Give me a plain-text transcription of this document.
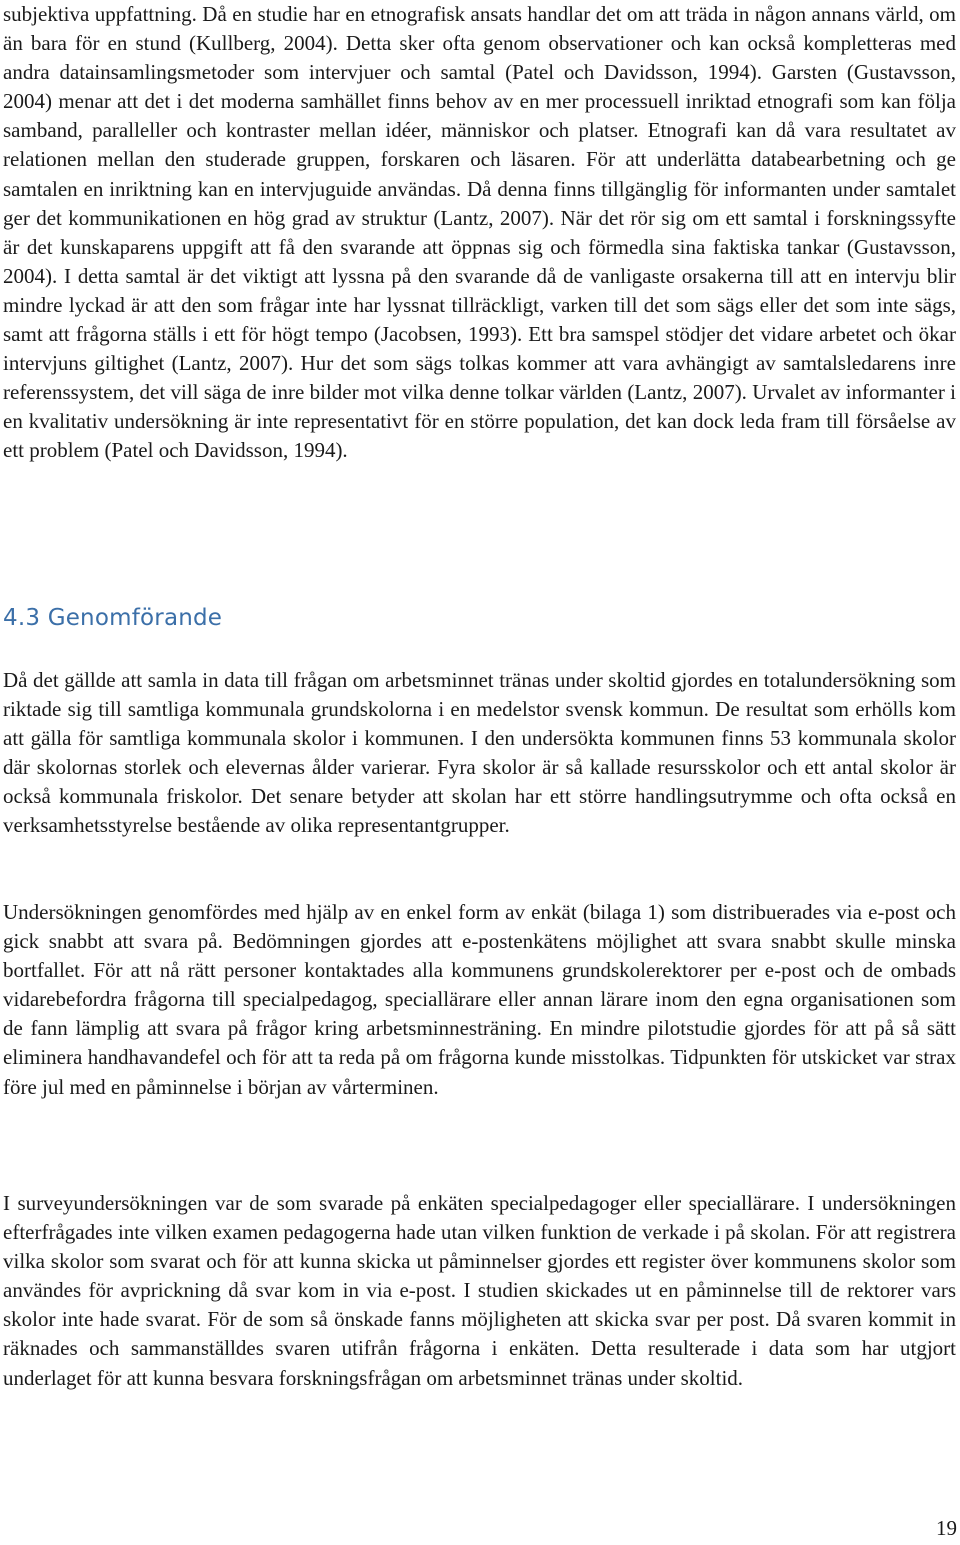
subjektiva uppfattning. Då en studie har en etnografisk ansats handlar det om att träda in någon annans värld, om än bara för en stund (Kullberg, 2004). Detta sker ofta genom observationer och kan också kompletteras med andra datainsamlingsmetoder som intervjuer och samtal (Patel och Davidsson, 1994). Garsten (Gustavsson, 2004) menar att det i det moderna samhället finns behov av en mer processuell inriktad etnografi som kan följa samband, paralleller och kontraster mellan idéer, människor och platser. Etnografi kan då vara resultatet av relationen mellan den studerade gruppen, forskaren och läsaren. För att underlätta databearbetning och ge samtalen en inriktning kan en intervjuguide användas. Då denna finns tillgänglig för informanten under samtalet ger det kommunikationen en hög grad av struktur (Lantz, 2007). När det rör sig om ett samtal i forskningssyfte är det kunskaparens uppgift att få den svarande att öppnas sig och förmedla sina faktiska tankar (Gustavsson, 2004). I detta samtal är det viktigt att lyssna på den svarande då de vanligaste orsakerna till att en intervju blir mindre lyckad är att den som frågar inte har lyssnat tillräckligt, varken till det som sägs eller det som inte sägs, samt att frågorna ställs i ett för högt tempo (Jacobsen, 1993). Ett bra samspel stödjer det vidare arbetet och ökar intervjuns giltighet (Lantz, 2007). Hur det som sägs tolkas kommer att vara avhängigt av samtalsledarens inre referenssystem, det vill säga de inre bilder mot vilka denne tolkar världen (Lantz, 2007). Urvalet av informanter i en kvalitativ undersökning är inte representativt för en större population, det kan dock leda fram till försåelse av ett problem (Patel och Davidsson, 1994).

4.3 Genomförande

Då det gällde att samla in data till frågan om arbetsminnet tränas under skoltid gjordes en totalundersökning som riktade sig till samtliga kommunala grundskolorna i en medelstor svensk kommun. De resultat som erhölls kom att gälla för samtliga kommunala skolor i kommunen. I den undersökta kommunen finns 53 kommunala skolor där skolornas storlek och elevernas ålder varierar. Fyra skolor är så kallade resursskolor och ett antal skolor är också kommunala friskolor. Det senare betyder att skolan har ett större handlingsutrymme och ofta också en verksamhetsstyrelse bestående av olika representantgrupper.

Undersökningen genomfördes med hjälp av en enkel form av enkät (bilaga 1) som distribuerades via e-post och gick snabbt att svara på. Bedömningen gjordes att e-postenkätens möjlighet att svara snabbt skulle minska bortfallet. För att nå rätt personer kontaktades alla kommunens grundskolerektorer per e-post och de ombads vidarebefordra frågorna till specialpedagog, speciallärare eller annan lärare inom den egna organisationen som de fann lämplig att svara på frågor kring arbetsminnesträning. En mindre pilotstudie gjordes för att på så sätt eliminera handhavandefel och för att ta reda på om frågorna kunde misstolkas. Tidpunkten för utskicket var strax före jul med en påminnelse i början av vårterminen.

I surveyundersökningen var de som svarade på enkäten specialpedagoger eller speciallärare. I undersökningen efterfrågades inte vilken examen pedagogerna hade utan vilken funktion de verkade i på skolan. För att registrera vilka skolor som svarat och för att kunna skicka ut påminnelser gjordes ett register över kommunens skolor som användes för avprickning då svar kom in via e-post. I studien skickades ut en påminnelse till de rektorer vars skolor inte hade svarat. För de som så önskade fanns möjligheten att skicka svar per post. Då svaren kommit in räknades och sammanställdes svaren utifrån frågorna i enkäten. Detta resulterade i data som har utgjort underlaget för att kunna besvara forskningsfrågan om arbetsminnet tränas under skoltid.

19
